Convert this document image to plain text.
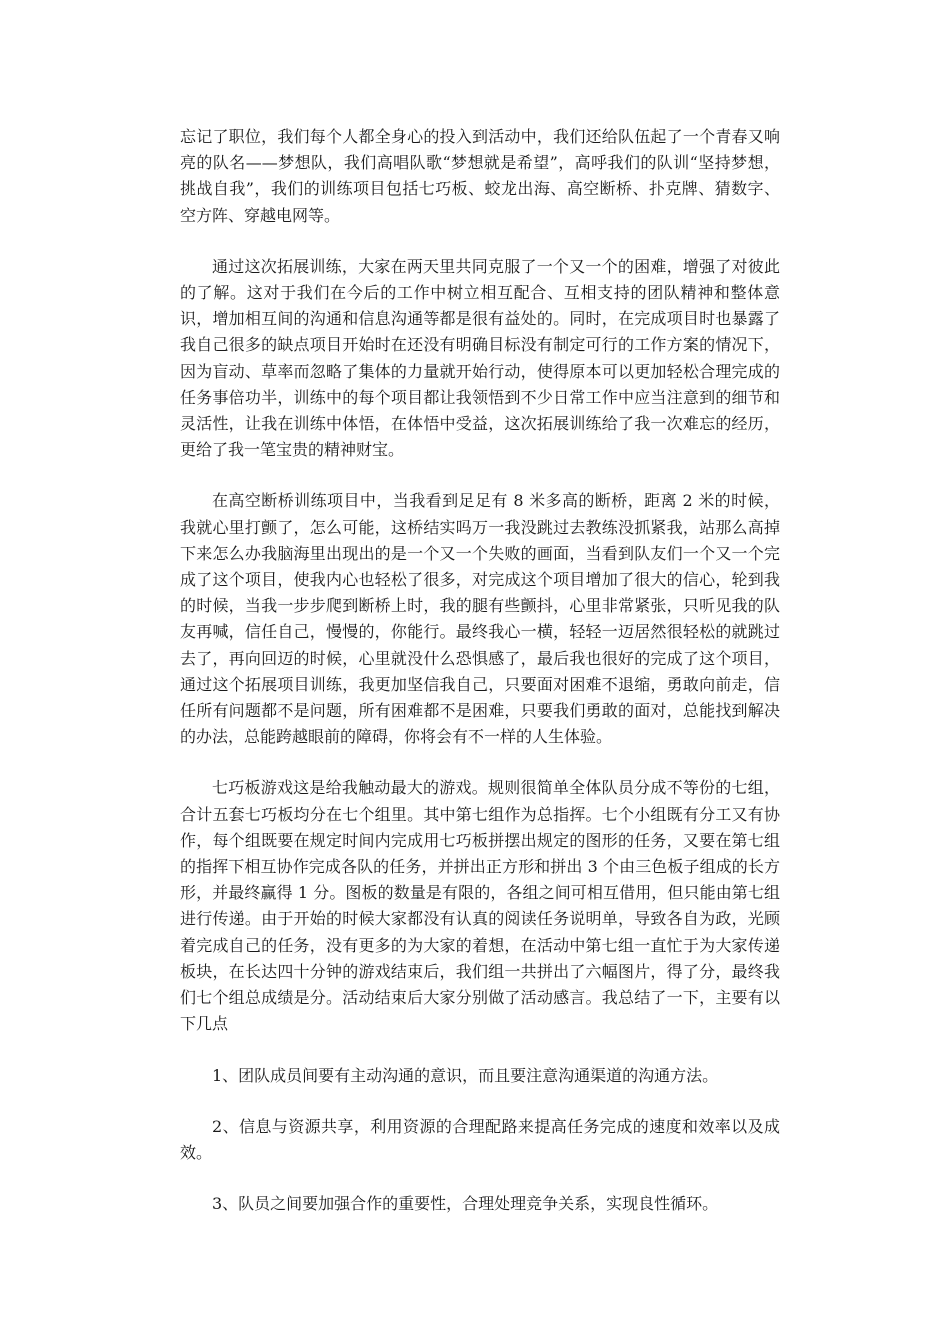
忘记了职位，我们每个人都全身心的投入到活动中，我们还给队伍起了一个青春又响亮的队名——梦想队，我们高唱队歌“梦想就是希望”，高呼我们的队训“坚持梦想，挑战自我”，我们的训练项目包括七巧板、蛟龙出海、高空断桥、扑克牌、猜数字、空方阵、穿越电网等。

通过这次拓展训练，大家在两天里共同克服了一个又一个的困难，增强了对彼此的了解。这对于我们在今后的工作中树立相互配合、互相支持的团队精神和整体意识，增加相互间的沟通和信息沟通等都是很有益处的。同时，在完成项目时也暴露了我自己很多的缺点项目开始时在还没有明确目标没有制定可行的工作方案的情况下，因为盲动、草率而忽略了集体的力量就开始行动，使得原本可以更加轻松合理完成的任务事倍功半，训练中的每个项目都让我领悟到不少日常工作中应当注意到的细节和灵活性，让我在训练中体悟，在体悟中受益，这次拓展训练给了我一次难忘的经历，更给了我一笔宝贵的精神财宝。

在高空断桥训练项目中，当我看到足足有 8 米多高的断桥，距离 2 米的时候，我就心里打颤了，怎么可能，这桥结实吗万一我没跳过去教练没抓紧我，站那么高掉下来怎么办我脑海里出现出的是一个又一个失败的画面，当看到队友们一个又一个完成了这个项目，使我内心也轻松了很多，对完成这个项目增加了很大的信心，轮到我的时候，当我一步步爬到断桥上时，我的腿有些颤抖，心里非常紧张，只听见我的队友再喊，信任自己，慢慢的，你能行。最终我心一横，轻轻一迈居然很轻松的就跳过去了，再向回迈的时候，心里就没什么恐惧感了，最后我也很好的完成了这个项目，通过这个拓展项目训练，我更加坚信我自己，只要面对困难不退缩，勇敢向前走，信任所有问题都不是问题，所有困难都不是困难，只要我们勇敢的面对，总能找到解决的办法，总能跨越眼前的障碍，你将会有不一样的人生体验。

七巧板游戏这是给我触动最大的游戏。规则很简单全体队员分成不等份的七组，合计五套七巧板均分在七个组里。其中第七组作为总指挥。七个小组既有分工又有协作，每个组既要在规定时间内完成用七巧板拼摆出规定的图形的任务，又要在第七组的指挥下相互协作完成各队的任务，并拼出正方形和拼出 3 个由三色板子组成的长方形，并最终赢得 1 分。图板的数量是有限的，各组之间可相互借用，但只能由第七组进行传递。由于开始的时候大家都没有认真的阅读任务说明单，导致各自为政，光顾着完成自己的任务，没有更多的为大家的着想，在活动中第七组一直忙于为大家传递板块，在长达四十分钟的游戏结束后，我们组一共拼出了六幅图片，得了分，最终我们七个组总成绩是分。活动结束后大家分别做了活动感言。我总结了一下，主要有以下几点

1、团队成员间要有主动沟通的意识，而且要注意沟通渠道的沟通方法。

2、信息与资源共享，利用资源的合理配路来提高任务完成的速度和效率以及成效。

3、队员之间要加强合作的重要性，合理处理竞争关系，实现良性循环。
